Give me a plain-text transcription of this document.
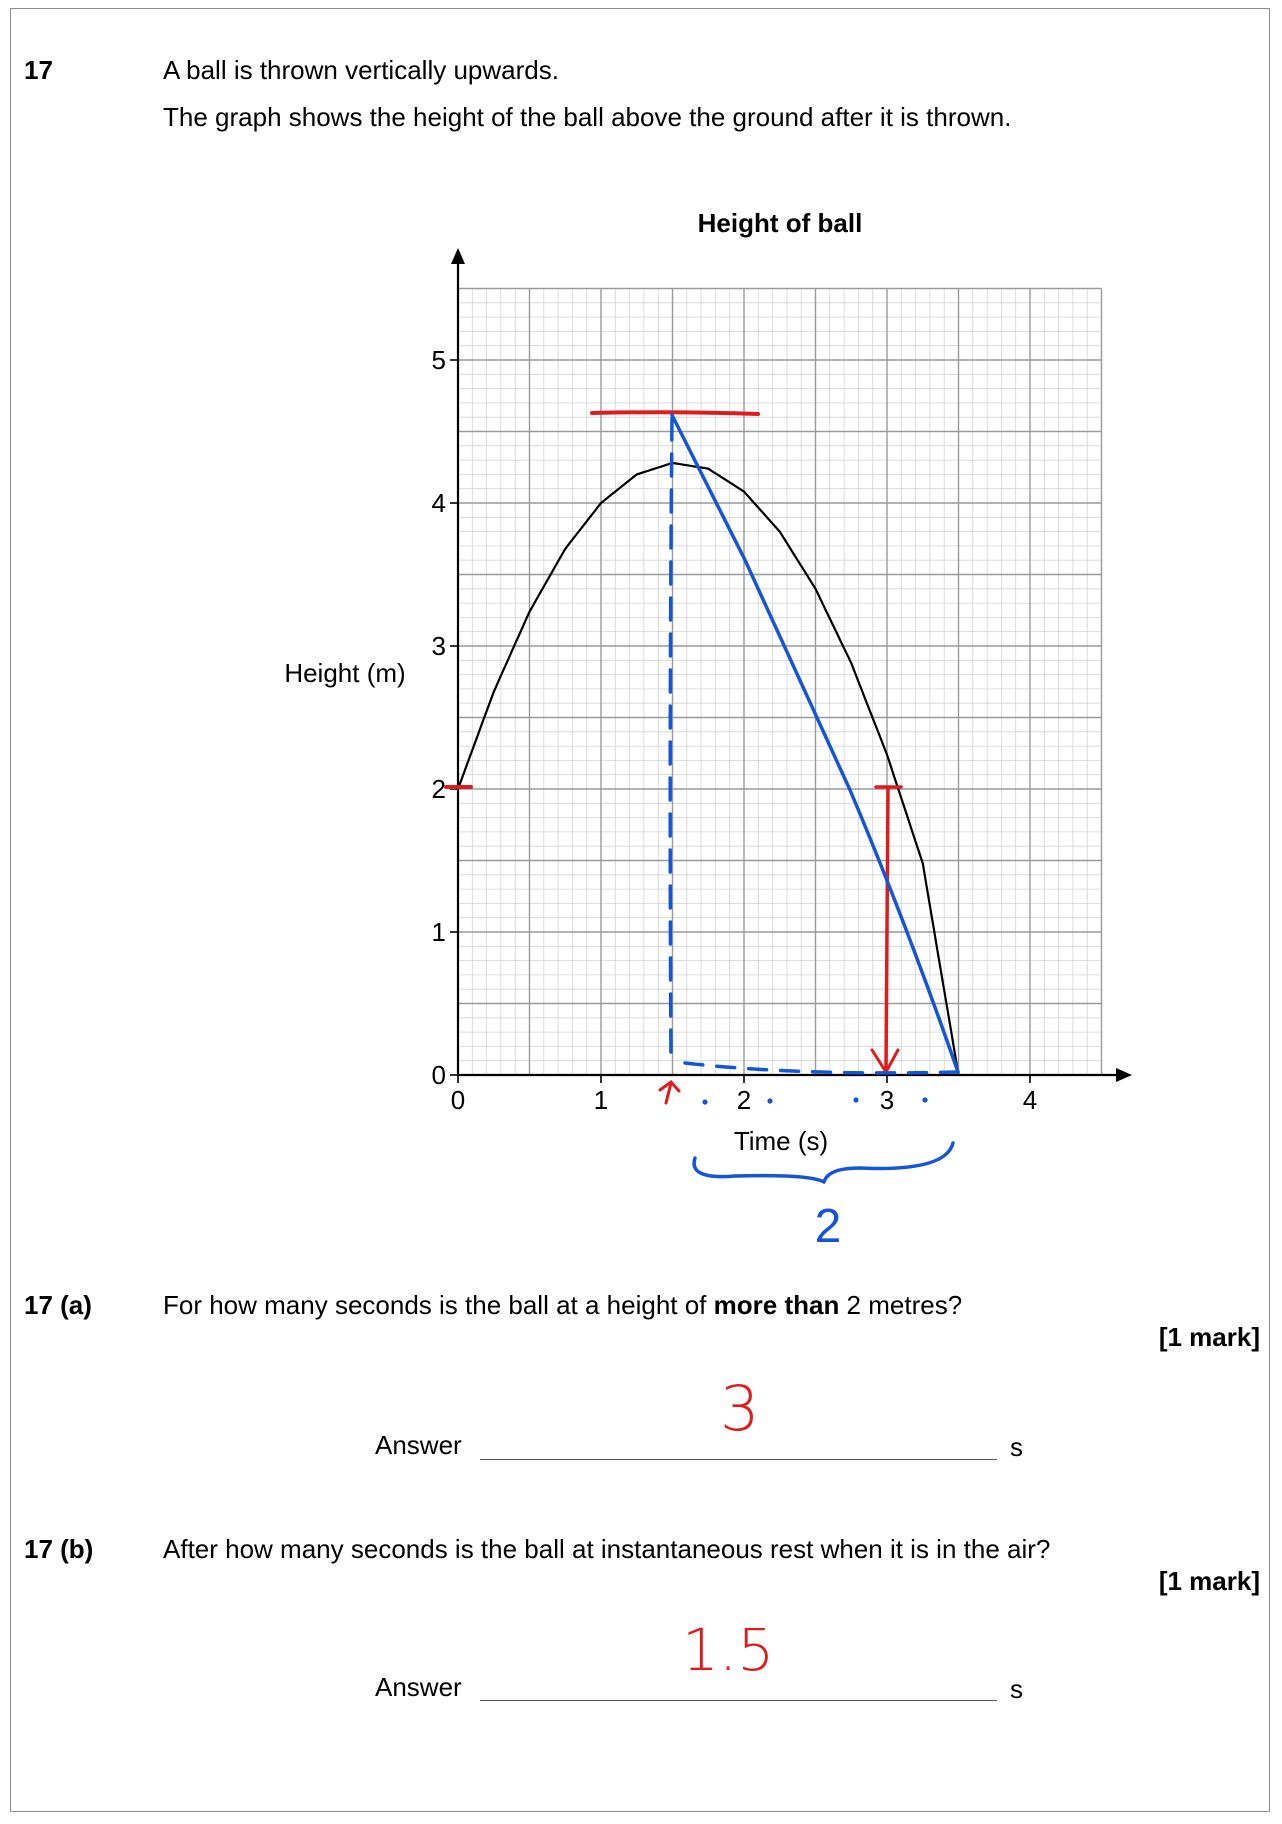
17	A ball is thrown vertically upwards.
The graph shows the height of the ball above the ground after it is thrown.
0	1	2	3	4
0
1
2
3
4
5
2
Height of ball
Height (m)
Time (s)
17 (a)	For how many seconds is the ball at a height of more than 2 metres?
[1 mark]
Answer	3
s
17 (b)	After how many seconds is the ball at instantaneous rest when it is in the air?
[1 mark]
Answer
1.5
s
